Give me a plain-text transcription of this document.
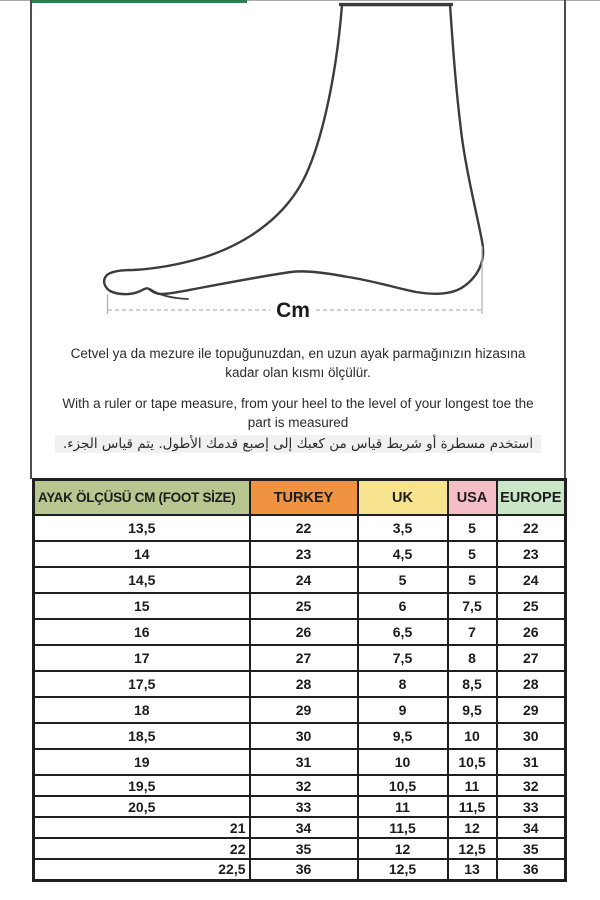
Cm

Cetvel ya da mezure ile topuğunuzdan, en uzun ayak parmağınızın hizasına kadar olan kısmı ölçülür.

With a ruler or tape measure, from your heel to the level of your longest toe the part is measured

استخدم مسطرة أو شريط قياس من كعبك إلى إصبع قدمك الأطول. يتم قياس الجزء.

AYAK ÖLÇÜSÜ CM (FOOT SİZE)	TURKEY	UK	USA	EUROPE
13,5	22	3,5	5	22
14	23	4,5	5	23
14,5	24	5	5	24
15	25	6	7,5	25
16	26	6,5	7	26
17	27	7,5	8	27
17,5	28	8	8,5	28
18	29	9	9,5	29
18,5	30	9,5	10	30
19	31	10	10,5	31
19,5	32	10,5	11	32
20,5	33	11	11,5	33
21	34	11,5	12	34
22	35	12	12,5	35
22,5	36	12,5	13	36
